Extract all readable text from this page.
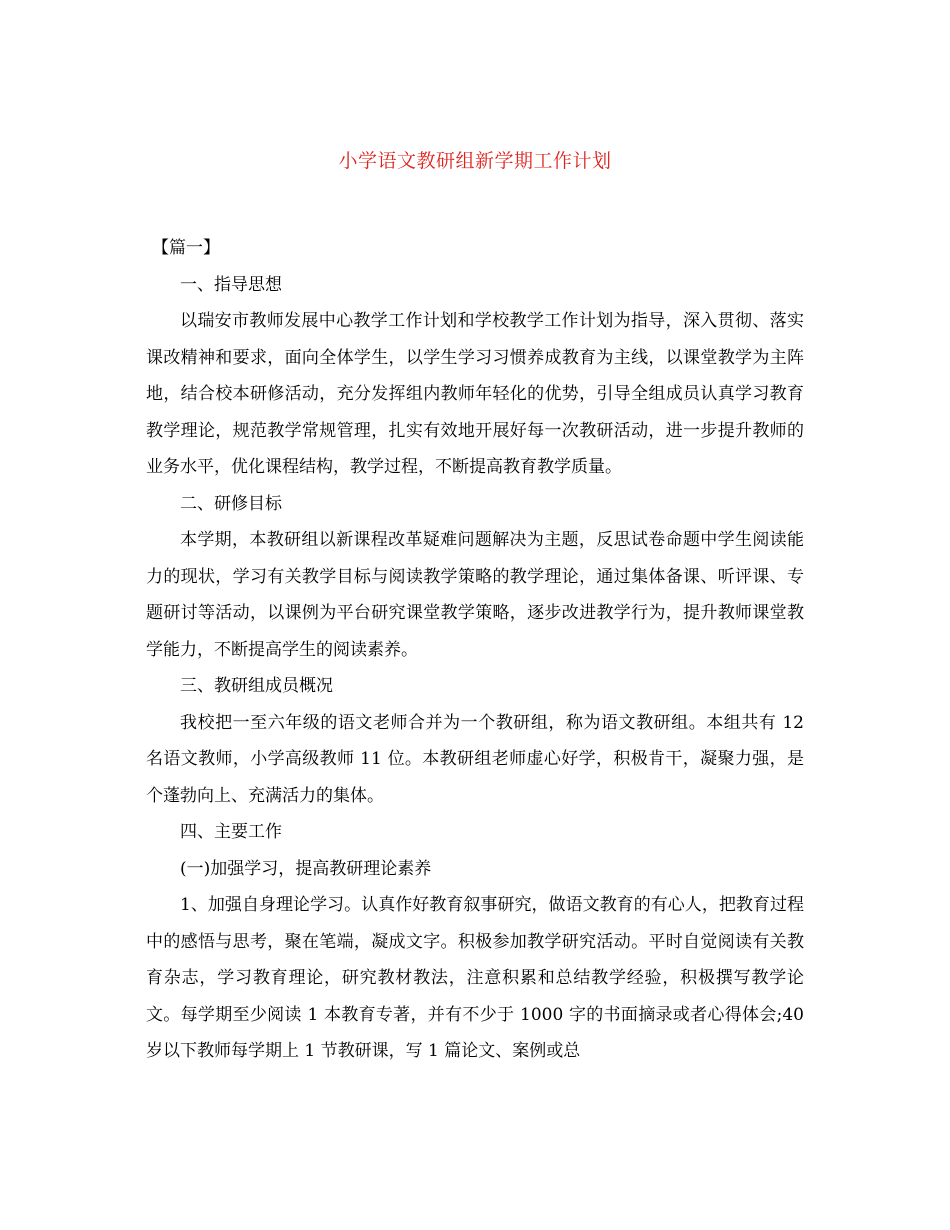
小学语文教研组新学期工作计划

【篇一】

一、指导思想

以瑞安市教师发展中心教学工作计划和学校教学工作计划为指导，深入贯彻、落实课改精神和要求，面向全体学生，以学生学习习惯养成教育为主线，以课堂教学为主阵地，结合校本研修活动，充分发挥组内教师年轻化的优势，引导全组成员认真学习教育教学理论，规范教学常规管理，扎实有效地开展好每一次教研活动，进一步提升教师的业务水平，优化课程结构，教学过程，不断提高教育教学质量。

二、研修目标

本学期，本教研组以新课程改革疑难问题解决为主题，反思试卷命题中学生阅读能力的现状，学习有关教学目标与阅读教学策略的教学理论，通过集体备课、听评课、专题研讨等活动，以课例为平台研究课堂教学策略，逐步改进教学行为，提升教师课堂教学能力，不断提高学生的阅读素养。

三、教研组成员概况

我校把一至六年级的语文老师合并为一个教研组，称为语文教研组。本组共有 12 名语文教师，小学高级教师 11 位。本教研组老师虚心好学，积极肯干，凝聚力强，是个蓬勃向上、充满活力的集体。

四、主要工作

(一)加强学习，提高教研理论素养

1、加强自身理论学习。认真作好教育叙事研究，做语文教育的有心人，把教育过程中的感悟与思考，聚在笔端，凝成文字。积极参加教学研究活动。平时自觉阅读有关教育杂志，学习教育理论，研究教材教法，注意积累和总结教学经验，积极撰写教学论文。每学期至少阅读 1 本教育专著，并有不少于 1000 字的书面摘录或者心得体会;40 岁以下教师每学期上 1 节教研课，写 1 篇论文、案例或总
